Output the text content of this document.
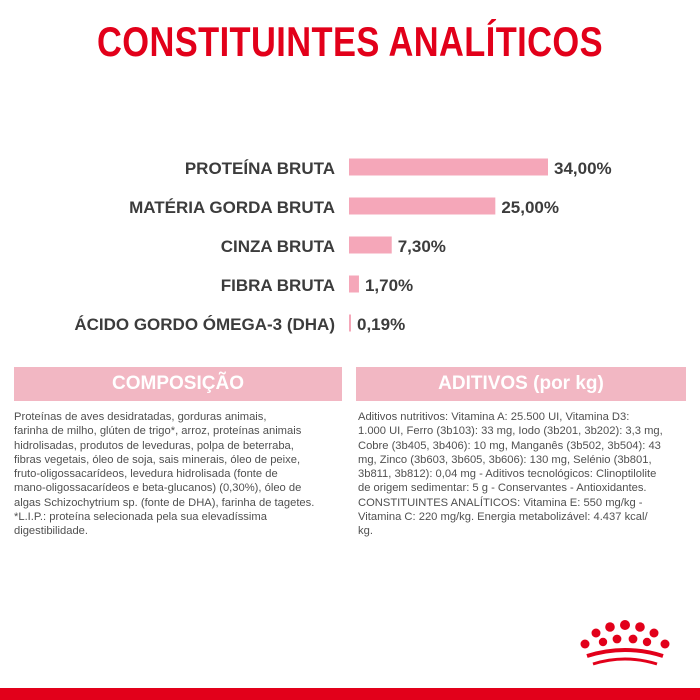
CONSTITUINTES ANALÍTICOS
PROTEÍNA BRUTA	34,00%
MATÉRIA GORDA BRUTA	25,00%
CINZA BRUTA	7,30%
FIBRA BRUTA 1,70%
ÁCIDO GORDO ÓMEGA-3 (DHA) 0,19%
COMPOSIÇÃO	ADITIVOS (por kg)
Proteínas de aves desidratadas, gorduras animais,
farinha de milho, glúten de trigo*, arroz, proteínas animais
hidrolisadas, produtos de leveduras, polpa de beterraba,
fibras vegetais, óleo de soja, sais minerais, óleo de peixe,
fruto-oligossacarídeos, levedura hidrolisada (fonte de
mano-oligossacarídeos e beta-glucanos) (0,30%), óleo de
algas Schizochytrium sp. (fonte de DHA), farinha de tagetes.
*L.I.P.: proteína selecionada pela sua elevadíssima
digestibilidade.
Aditivos nutritivos: Vitamina A: 25.500 UI, Vitamina D3:
1.000 UI, Ferro (3b103): 33 mg, Iodo (3b201, 3b202): 3,3 mg,
Cobre (3b405, 3b406): 10 mg, Manganês (3b502, 3b504): 43
mg, Zinco (3b603, 3b605, 3b606): 130 mg, Selénio (3b801,
3b811, 3b812): 0,04 mg - Aditivos tecnológicos: Clinoptilolite
de origem sedimentar: 5 g - Conservantes - Antioxidantes.
CONSTITUINTES ANALÍTICOS: Vitamina E: 550 mg/kg -
Vitamina C: 220 mg/kg. Energia metabolizável: 4.437 kcal/
kg.
